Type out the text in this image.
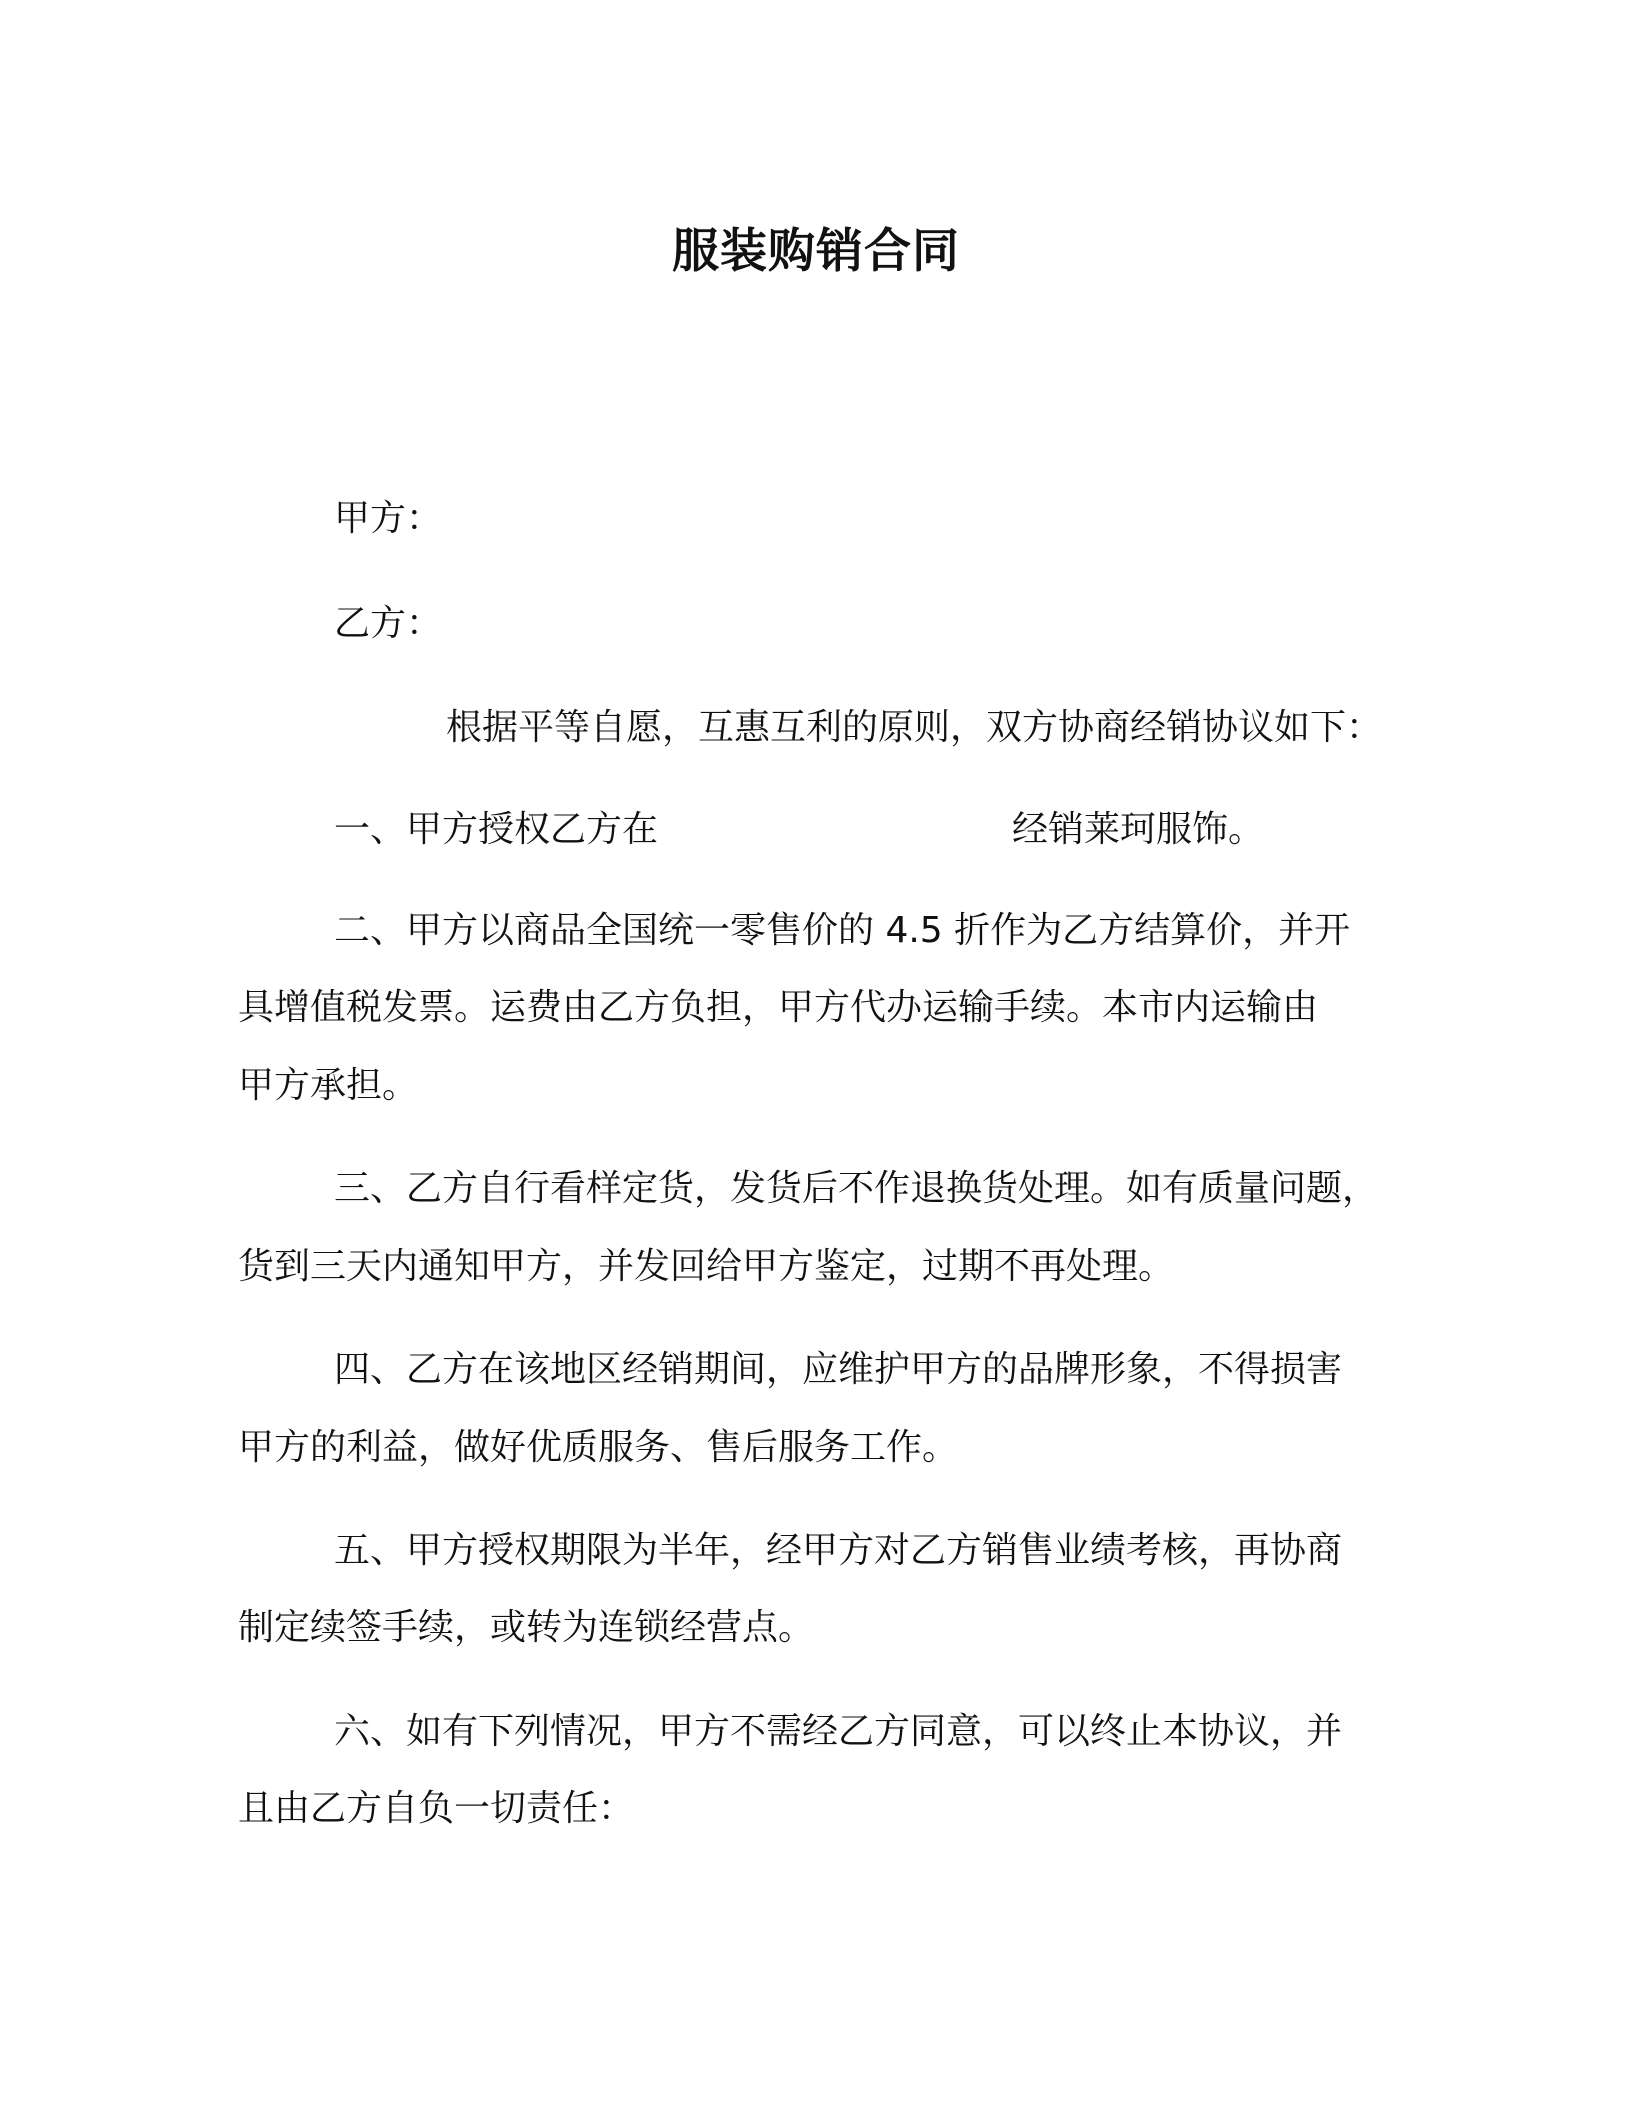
服装购销合同
甲方：
乙方：
根据平等自愿，互惠互利的原则，双方协商经销协议如下：
一、甲方授权乙方在	经销莱珂服饰。
二、甲方以商品全国统一零售价的 4.5 折作为乙方结算价，并开
具增值税发票。运费由乙方负担，甲方代办运输手续。本市内运输由
甲方承担。
三、乙方自行看样定货，发货后不作退换货处理。如有质量问题，
货到三天内通知甲方，并发回给甲方鉴定，过期不再处理。
四、乙方在该地区经销期间，应维护甲方的品牌形象，不得损害
甲方的利益，做好优质服务、售后服务工作。
五、甲方授权期限为半年，经甲方对乙方销售业绩考核，再协商
制定续签手续，或转为连锁经营点。
六、如有下列情况，甲方不需经乙方同意，可以终止本协议，并
且由乙方自负一切责任：
